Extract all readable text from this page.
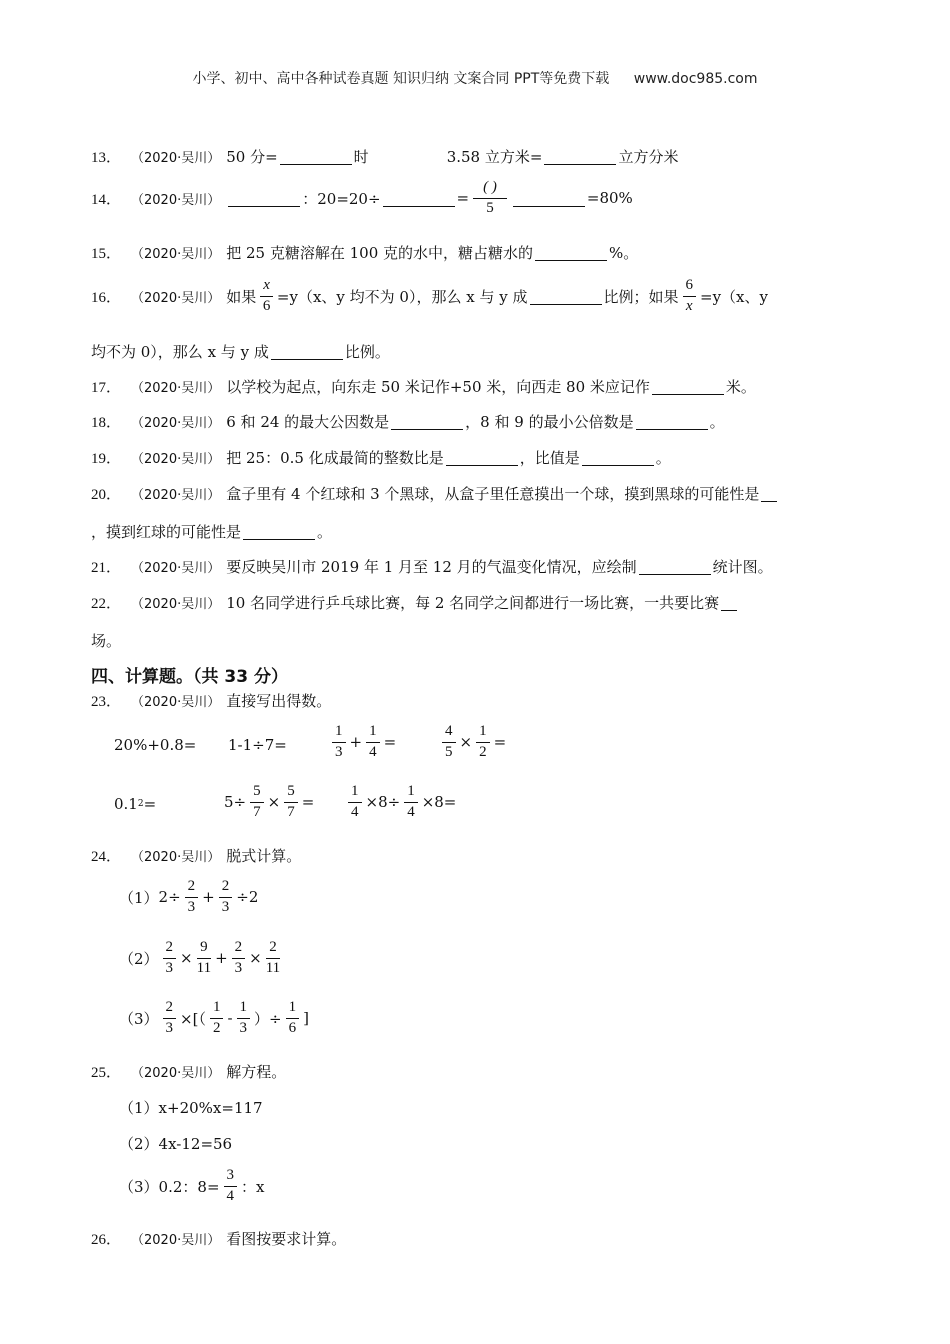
小学、初中、高中各种试卷真题 知识归纳 文案合同 PPT等免费下载 www.doc985.com
13． （2020·吴川） 50 分=	时	3.58 立方米=	立方分米
14． （2020·吴川）	：20=20÷	= $\frac{( )}{5}$	=80%
15． （2020·吴川） 把 25 克糖溶解在 100 克的水中，糖占糖水的	%。
16． （2020·吴川） 如果 $\frac{x}{6} =y(x$、y 均不为 0），那么 x 与 y 成	比例；如果 $\frac{6}{x} =y(x$、y
均不为 0），那么 x 与 y 成	比例。
17． （2020·吴川） 以学校为起点，向东走 50 米记作+50 米，向西走 80 米应记作	米。
18． （2020·吴川） 6 和 24 的最大公因数是	，8 和 9 的最小公倍数是	。
19． （2020·吴川） 把 25：0.5 化成最简的整数比是	，比值是	。
20． （2020·吴川） 盒子里有 4 个红球和 3 个黑球，从盒子里任意摸出一个球，摸到黑球的可能性是
，摸到红球的可能性是	。
21． （2020·吴川） 要反映吴川市 2019 年 1 月至 12 月的气温变化情况，应绘制	统计图。
22． （2020·吴川） 10 名同学进行乒乓球比赛，每 2 名同学之间都进行一场比赛，一共要比赛
场。
四、计算题。（共 33 分）
23． （2020·吴川） 直接写出得数。
20%+0.8= 1-1÷7=	$\frac{1}{3} + \frac{1}{4}$ =	$\frac{4}{5} \times \frac{1}{2}$ =
0.1 2 =	$5\div \frac{5}{7} \times \frac{5}{7} = \frac{1}{4} \times 8\div \frac{1}{4} \times 8=$
24． （2020·吴川） 脱式计算。
（1） $2\div \frac{2}{3} + \frac{2}{3} \div 2$
$(2) \frac{2}{3} \times \frac{9}{11} + \frac{2}{3} \times \frac{2}{11}$
$(3) \frac{2}{3}$ ×[（ $\frac{1}{2} - \frac{1}{3}$ ）÷ $\frac{1}{6}$ ]
25． （2020·吴川） 解方程。
（1）x+20%x=117
（2）4x-12=56
（3）0.2：$8= \frac{3}{4}$ ：x
26． （2020·吴川） 看图按要求计算。
